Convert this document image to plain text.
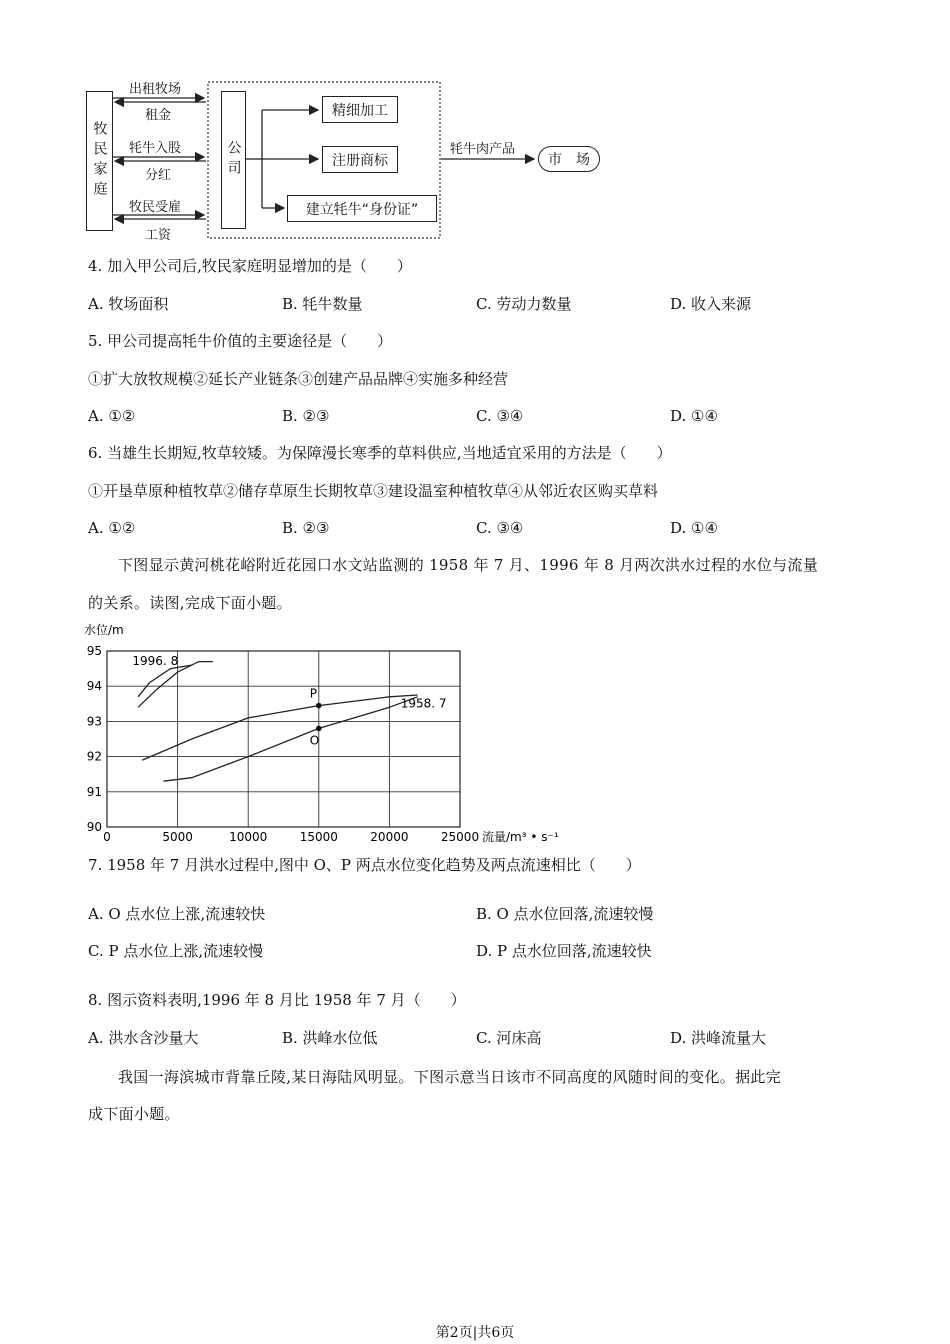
牧民家庭	公司
出租牧场
租金
牦牛入股
分红
牧民受雇
工资
精细加工
注册商标
建立牦牛“身份证”
牦牛肉产品
市　场
4. 加入甲公司后,牧民家庭明显增加的是（　　）
A. 牧场面积	B. 牦牛数量	C. 劳动力数量	D. 收入来源
5. 甲公司提高牦牛价值的主要途径是（　　）
①扩大放牧规模②延长产业链条③创建产品品牌④实施多种经营
A. ①②	B. ②③	C. ③④	D. ①④
6. 当雄生长期短,牧草较矮。为保障漫长寒季的草料供应,当地适宜采用的方法是（　　）
①开垦草原种植牧草②储存草原生长期牧草③建设温室种植牧草④从邻近农区购买草料
A. ①②	B. ②③	C. ③④	D. ①④
下图显示黄河桃花峪附近花园口水文站监测的 1958 年 7 月、1996 年 8 月两次洪水过程的水位与流量
的关系。读图,完成下面小题。
0	5000	10000	15000	20000	25000
90
91
92
93
94
95
水位/m
流量/m³ • s⁻¹
1996. 8
1958. 7
P
O
7. 1958 年 7 月洪水过程中,图中 O、P 两点水位变化趋势及两点流速相比（　　）
A. O 点水位上涨,流速较快	B. O 点水位回落,流速较慢
C. P 点水位上涨,流速较慢	D. P 点水位回落,流速较快
8. 图示资料表明,1996 年 8 月比 1958 年 7 月（　　）
A. 洪水含沙量大	B. 洪峰水位低	C. 河床高	D. 洪峰流量大
我国一海滨城市背靠丘陵,某日海陆风明显。下图示意当日该市不同高度的风随时间的变化。据此完
成下面小题。
第2页|共6页
